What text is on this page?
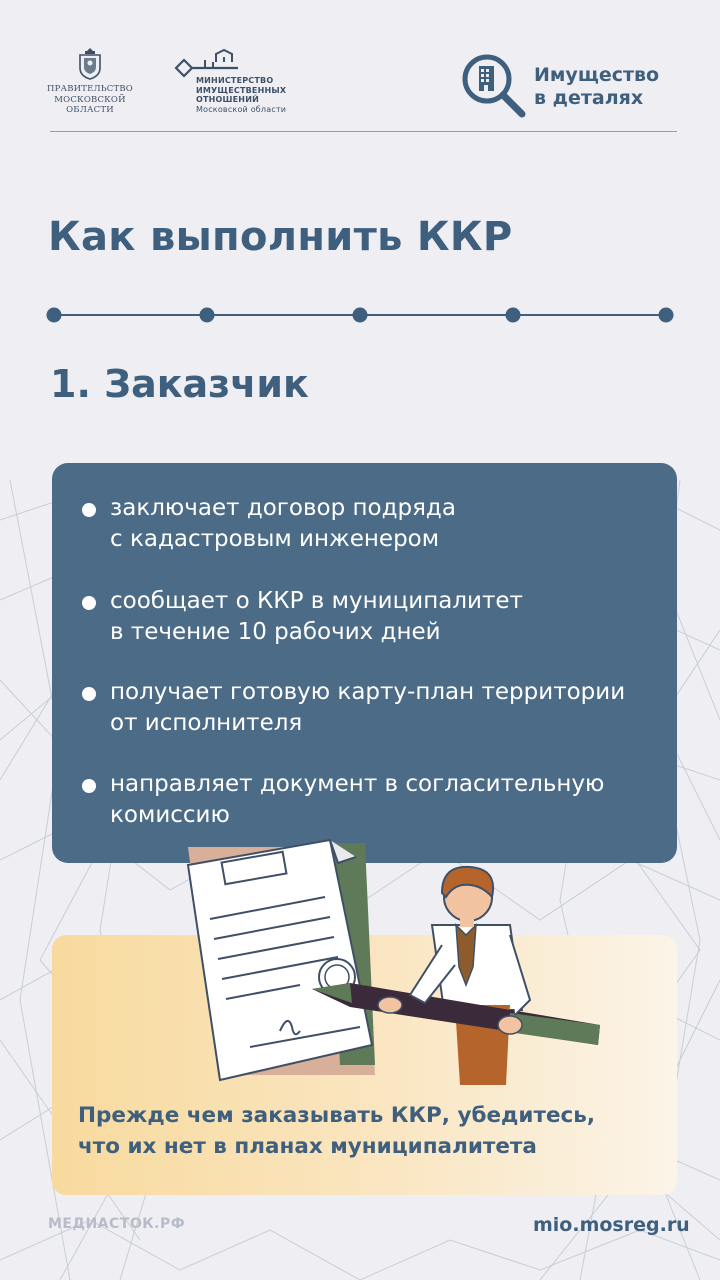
ПРАВИТЕЛЬСТВО
МОСКОВСКОЙ
ОБЛАСТИ
МИНИСТЕРСТВО
ИМУЩЕСТВЕННЫХ
ОТНОШЕНИЙ
Московской области
Имущество
в деталях
Как выполнить ККР
1. Заказчик
заключает договор подряда
с кадастровым инженером
сообщает о ККР в муниципалитет
в течение 10 рабочих дней
получает готовую карту-план территории
от исполнителя
направляет документ в согласительную
комиссию

Прежде чем заказывать ККР, убедитесь,
что их нет в планах муниципалитета

МЕДИАСТОК.РФ	mio.mosreg.ru
